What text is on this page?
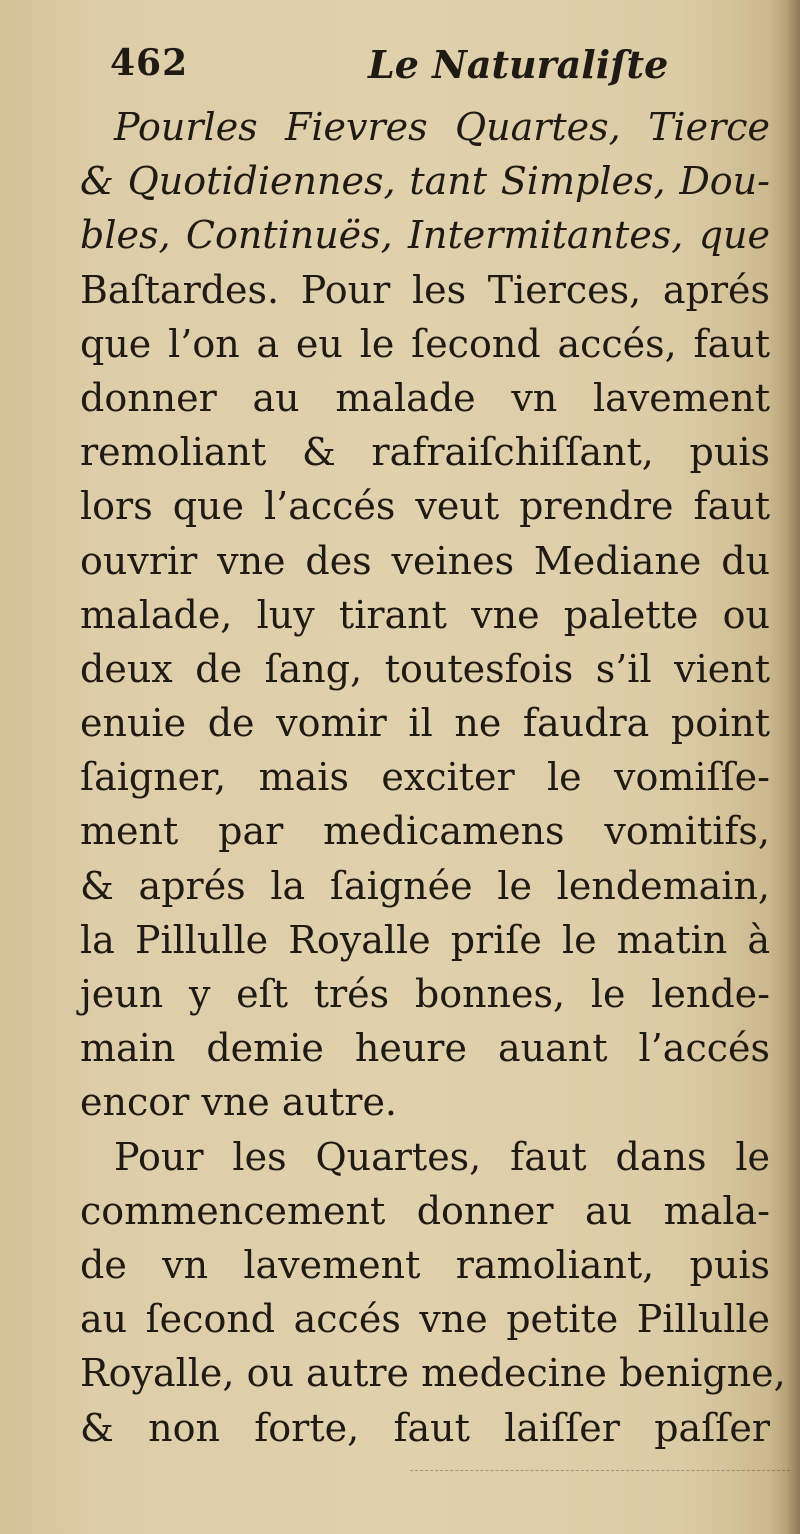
462	Le Naturaliſte
Pourles Fievres Quartes, Tierce
& Quotidiennes, tant Simples, Dou-
bles, Continuës, Intermitantes, que
Baſtardes. Pour les Tierces, aprés
que l’on a eu le ſecond accés, faut
donner au malade vn lavement
remoliant & rafraiſchiſſant, puis
lors que l’accés veut prendre faut
ouvrir vne des veines Mediane du
malade, luy tirant vne palette ou
deux de ſang, toutesfois s’il vient
enuie de vomir il ne faudra point
ſaigner, mais exciter le vomiſſe-
ment par medicamens vomitifs,
& aprés la ſaignée le lendemain,
la Pillulle Royalle priſe le matin à
jeun y eſt trés bonnes, le lende-
main demie heure auant l’accés
encor vne autre.
Pour les Quartes, faut dans le
commencement donner au mala-
de vn lavement ramoliant, puis
au ſecond accés vne petite Pillulle
Royalle, ou autre medecine benigne,
& non forte, faut laiſſer paſſer
